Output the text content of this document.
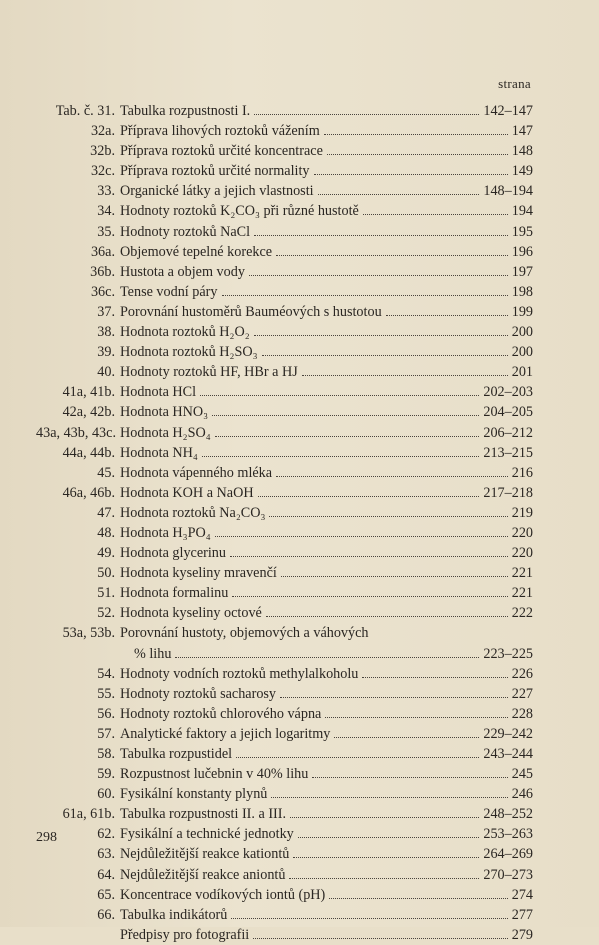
strana
Tab. č. 31. Tabulka rozpustnosti I.	142–147
32a. Příprava lihových roztoků vážením	147
32b. Příprava roztoků určité koncentrace	148
32c. Příprava roztoků určité normality	149
33. Organické látky a jejich vlastnosti	148–194
34. Hodnoty roztoků K₂CO₃ při různé hustotě	194
35. Hodnoty roztoků NaCl	195
36a. Objemové tepelné korekce	196
36b. Hustota a objem vody	197
36c. Tense vodní páry	198
37. Porovnání hustoměrů Bauméových s hustotou	199
38. Hodnota roztoků H₂O₂	200
39. Hodnota roztoků H₂SO₃	200
40. Hodnoty roztoků HF, HBr a HJ	201
41a, 41b. Hodnota HCl	202–203
42a, 42b. Hodnota HNO₃	204–205
43a, 43b, 43c. Hodnota H₂SO₄	206–212
44a, 44b. Hodnota NH₄	213–215
45. Hodnota vápenného mléka	216
46a, 46b. Hodnota KOH a NaOH	217–218
47. Hodnota roztoků Na₂CO₃	219
48. Hodnota H₃PO₄	220
49. Hodnota glycerinu	220
50. Hodnota kyseliny mravenčí	221
51. Hodnota formalinu	221
52. Hodnota kyseliny octové	222
53a, 53b. Porovnání hustoty, objemových a váhových
% lihu	223–225
54. Hodnoty vodních roztoků methylalkoholu	226
55. Hodnoty roztoků sacharosy	227
56. Hodnoty roztoků chlorového vápna	228
57. Analytické faktory a jejich logaritmy	229–242
58. Tabulka rozpustidel	243–244
59. Rozpustnost lučebnin v 40% lihu	245
60. Fysikální konstanty plynů	246
61a, 61b. Tabulka rozpustnosti II. a III.	248–252
62. Fysikální a technické jednotky	253–263
63. Nejdůležitější reakce kationtů	264–269
64. Nejdůležitější reakce aniontů	270–273
65. Koncentrace vodíkových iontů (pH)	274
66. Tabulka indikátorů	277
Předpisy pro fotografii	279
298
